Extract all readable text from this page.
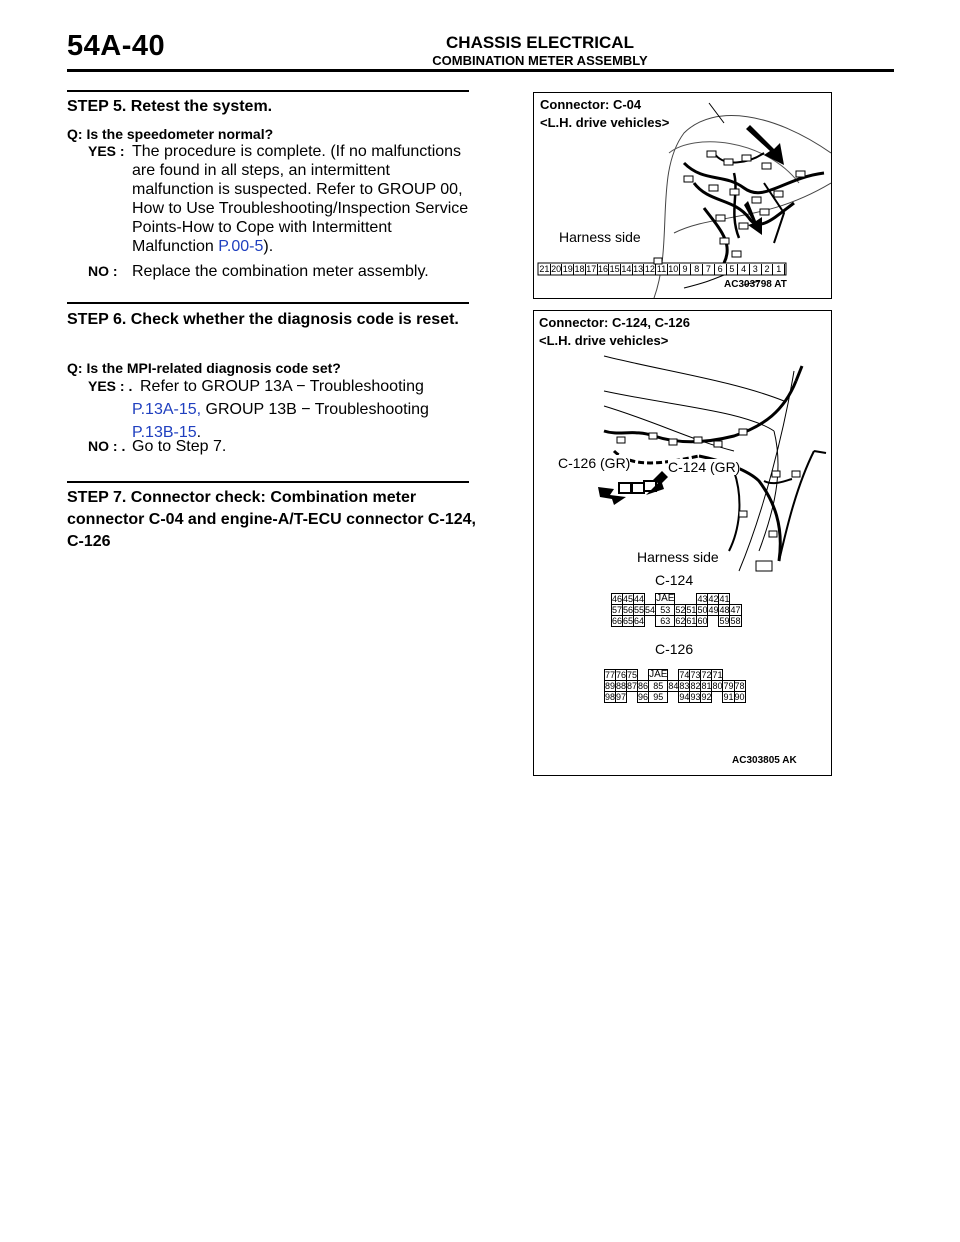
54A-40	CHASSIS ELECTRICAL
COMBINATION METER ASSEMBLY
STEP 5. Retest the system.
Q: Is the speedometer normal?
YES : The procedure is complete. (If no malfunctions are found in all steps, an intermittent malfunction is suspected. Refer to GROUP 00, How to Use Troubleshooting/Inspection Service Points-How to Cope with Intermittent Malfunction P.00-5).
NO : Replace the combination meter assembly.
STEP 6. Check whether the diagnosis code is reset.
Q: Is the MPI-related diagnosis code set?
YES : . Refer to GROUP 13A − Troubleshooting
P.13A-15, GROUP 13B − Troubleshooting
P.13B-15.
NO : . Go to Step 7.
STEP 7. Connector check: Combination meter connector C-04 and engine-A/T-ECU connector C-124, C-126
Connector: C-04
<L.H. drive vehicles>
Harness side
21 20 19 18 17 16 15 14 13 12 11 10 9 8 7 6 5 4 3 2 1
AC303798 AT
Connector: C-124, C-126
<L.H. drive vehicles>
C-126 (GR)	C-124 (GR)
Harness side
C-124
46	45	44		JAE			43	42	41	
57	56	55	54	53	52	51	50	49	48	47
66	65	64		63	62	61	60		59	58
C-126
77	76	75		JAE		74	73	72	71		
89	88	87	86	85	84	83	82	81	80	79	78
98	97		96	95		94	93	92		91	90
AC303805 AK
